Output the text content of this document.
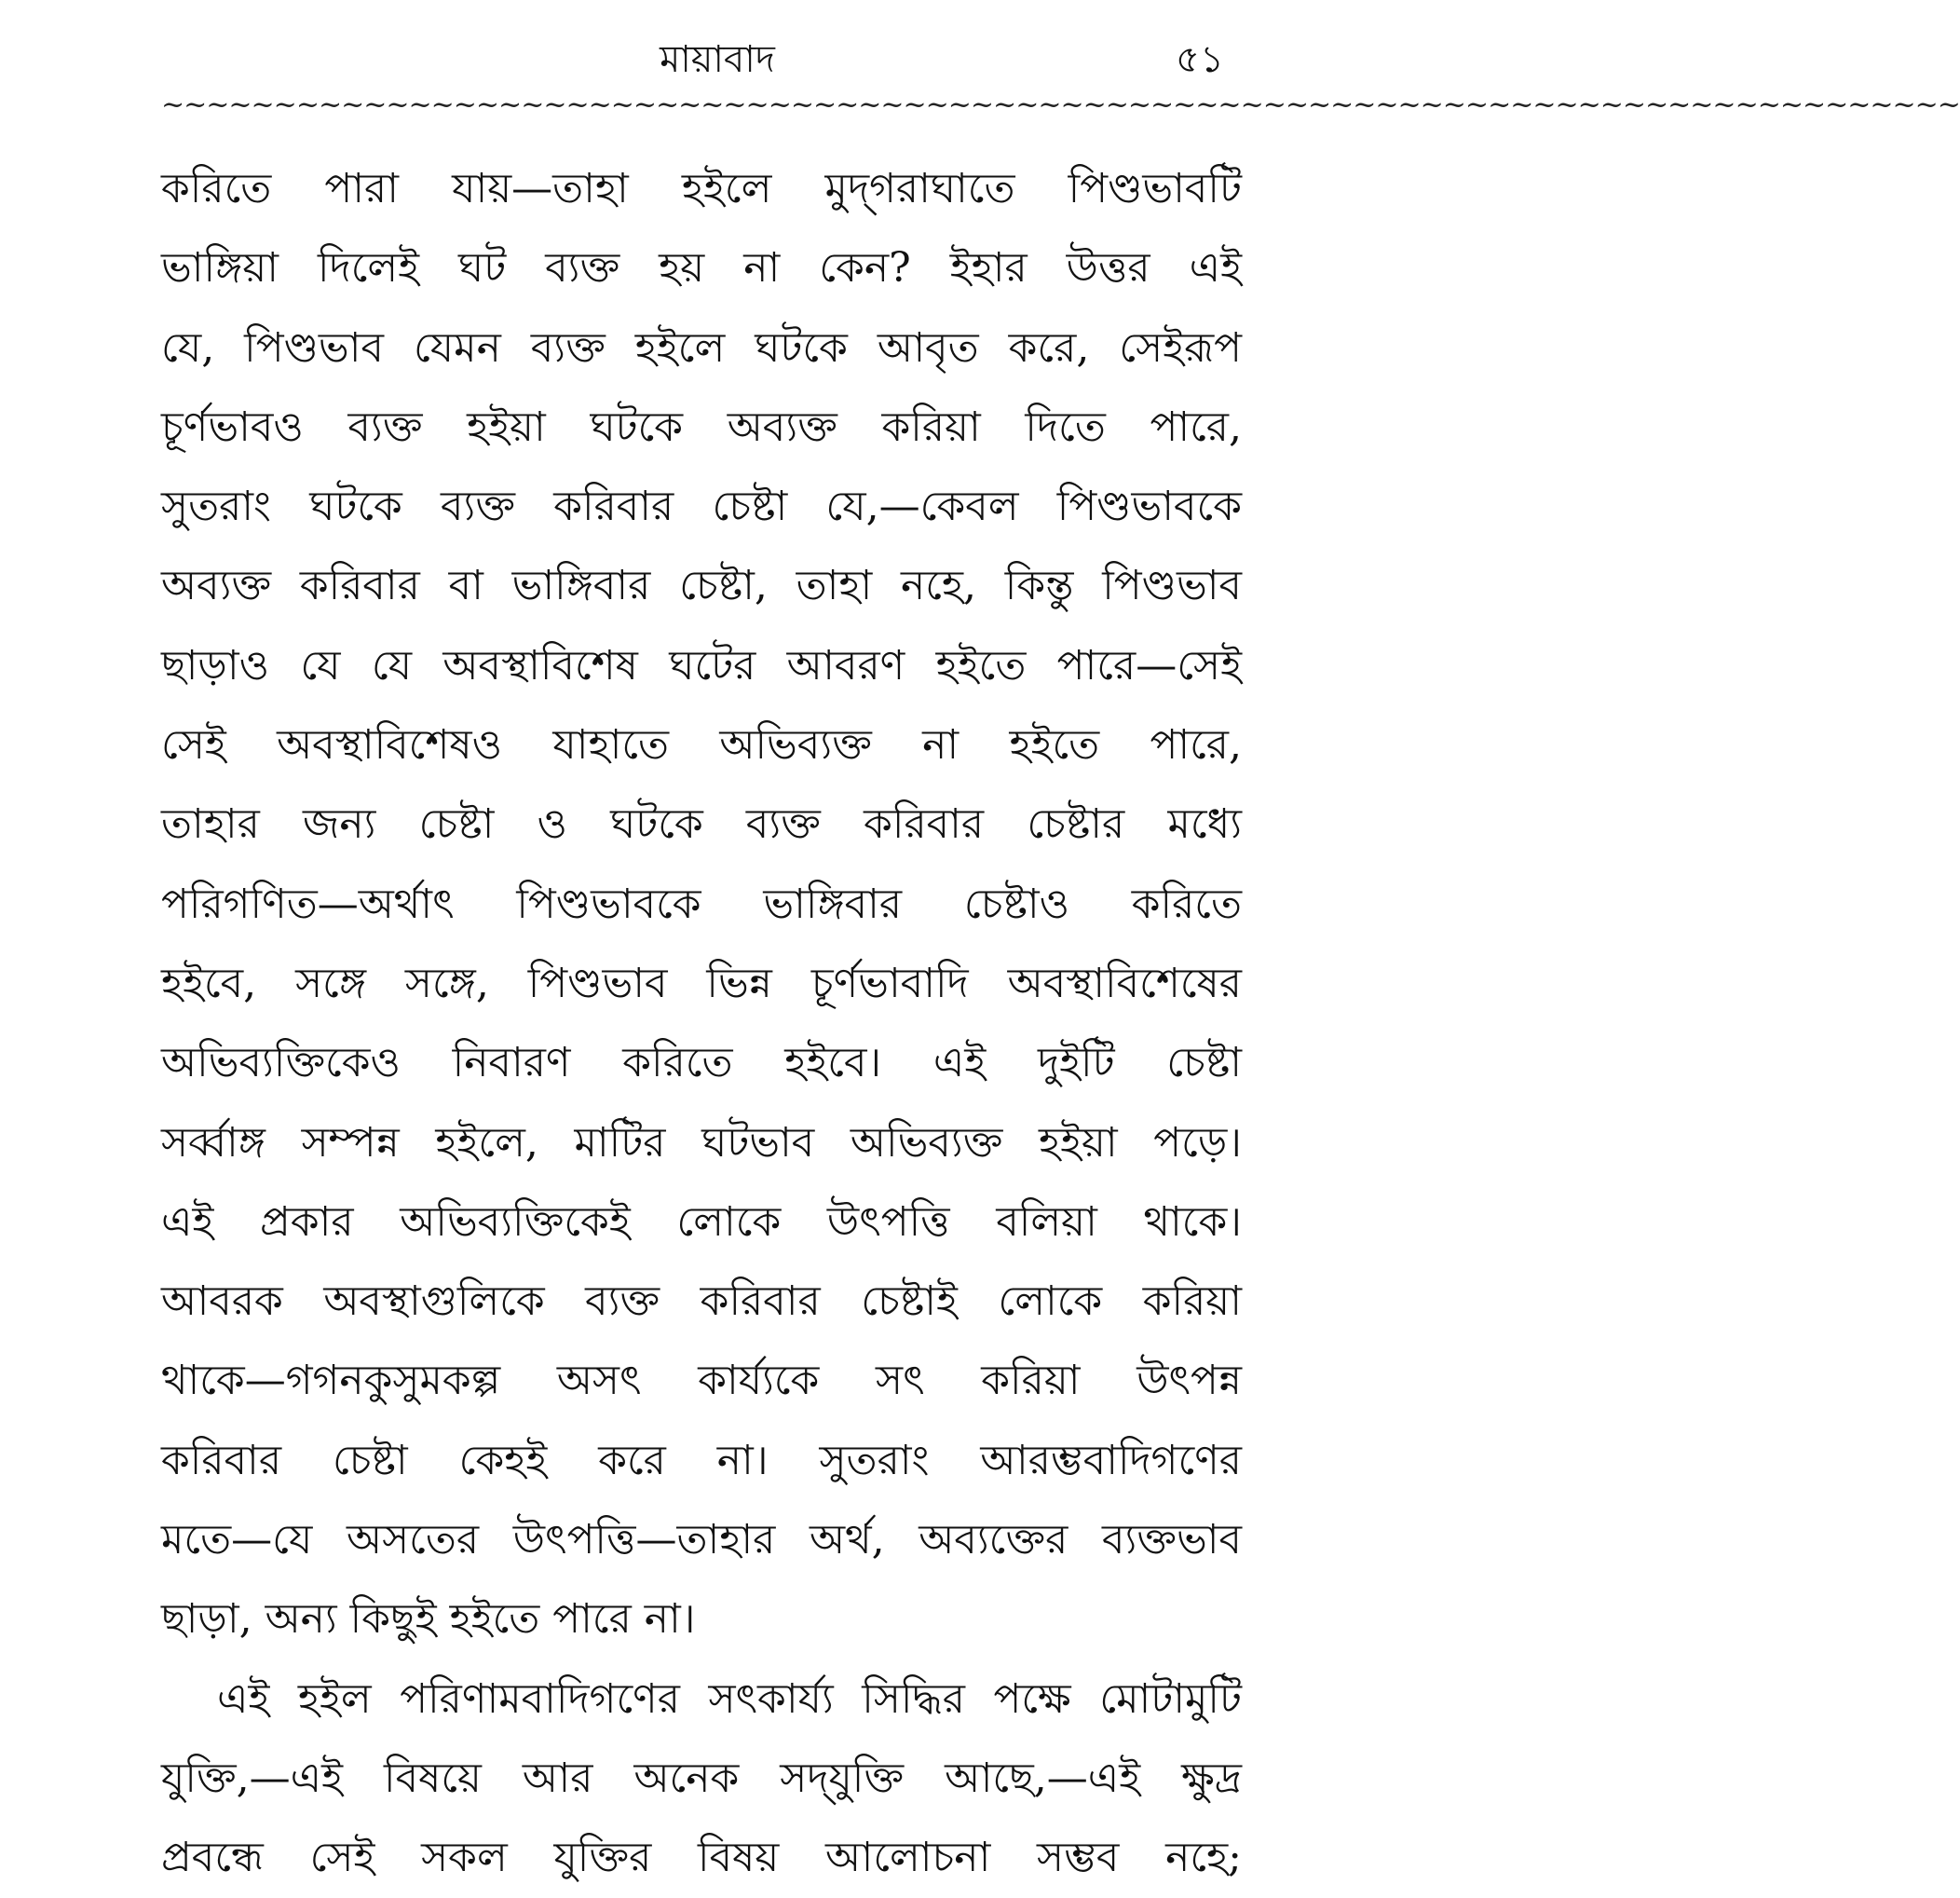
মায়াবাদ	৫১
~~~~~~~~~~~~~~~~~~~~~~~~~~~~~~~~~~~~~~~~~~~~~~~~~~~~~~~~~~~~~~~~~~~~~~~~~~~~~~~~
করিতে পারা যায়—তাহা হইলে মুদ্‌গরাঘাতে পিণ্ডভাবটি
ভাঙ্গিয়া দিলেই ঘট ব্যক্ত হয় না কেন? ইহার উত্তর এই
যে, পিণ্ডভাব যেমন ব্যক্ত হইলে ঘটকে আবৃত করে, সেইরূপ
চূর্ণভাবও ব্যক্ত হইয়া ঘটকে অব্যক্ত করিয়া দিতে পারে,
সুতরাং ঘটকে ব্যক্ত করিবার চেষ্টা যে,—কেবল পিণ্ডভাবকে
অব্যক্ত করিবার বা ভাঙ্গিবার চেষ্টা, তাহা নহে, কিন্তু পিণ্ডভাব
ছাড়াও যে যে অবস্থাবিশেষ ঘটের আবরণ হইতে পারে—সেই
সেই অবস্থাবিশেষও যাহাতে অভিব্যক্ত না হইতে পারে,
তাহার জন্য চেষ্টা ও ঘটকে ব্যক্ত করিবার চেষ্টার মধ্যে
পরিগণিত—অর্থাৎ পিণ্ডভাবকে ভাঙ্গিবার চেষ্টাও করিতে
হইবে, সঙ্গে সঙ্গে, পিণ্ডভাব ভিন্ন চূর্ণভাবাদি অবস্থাবিশেষের
অভিব্যক্তিকেও নিবারণ করিতে হইবে। এই দুইটি চেষ্টা
সর্ব্বাঙ্গ সম্পন্ন হইলে, মাটির ঘটভাব অভিব্যক্ত হইয়া পড়ে।
এই প্রকার অভিব্যক্তিকেই লোকে উৎপত্তি বলিয়া থাকে।
আবরক অবস্থাগুলিকে ব্যক্ত করিবার চেষ্টাই লোকে করিয়া
থাকে—গগনকুসুমকল্প অসৎ কার্য্যকে সৎ করিয়া উৎপন্ন
করিবার চেষ্টা কেহই করে না। সুতরাং আরম্ভবাদিগণের
মতে—যে অসতের উৎপত্তি—তাহার অর্থ, অব্যক্তের ব্যক্তভাব
ছাড়া, অন্য কিছুই হইতে পারে না।
এই হইল পরিণামবাদিগণের সৎকার্য্য সিদ্ধির পক্ষে মোটামুটি
যুক্তি,—এই বিষয়ে আর অনেক সদ্‌যুক্তি আছে,—এই ক্ষুদ্র
প্রবন্ধে সেই সকল যুক্তির বিষয় আলোচনা সম্ভব নহে;
